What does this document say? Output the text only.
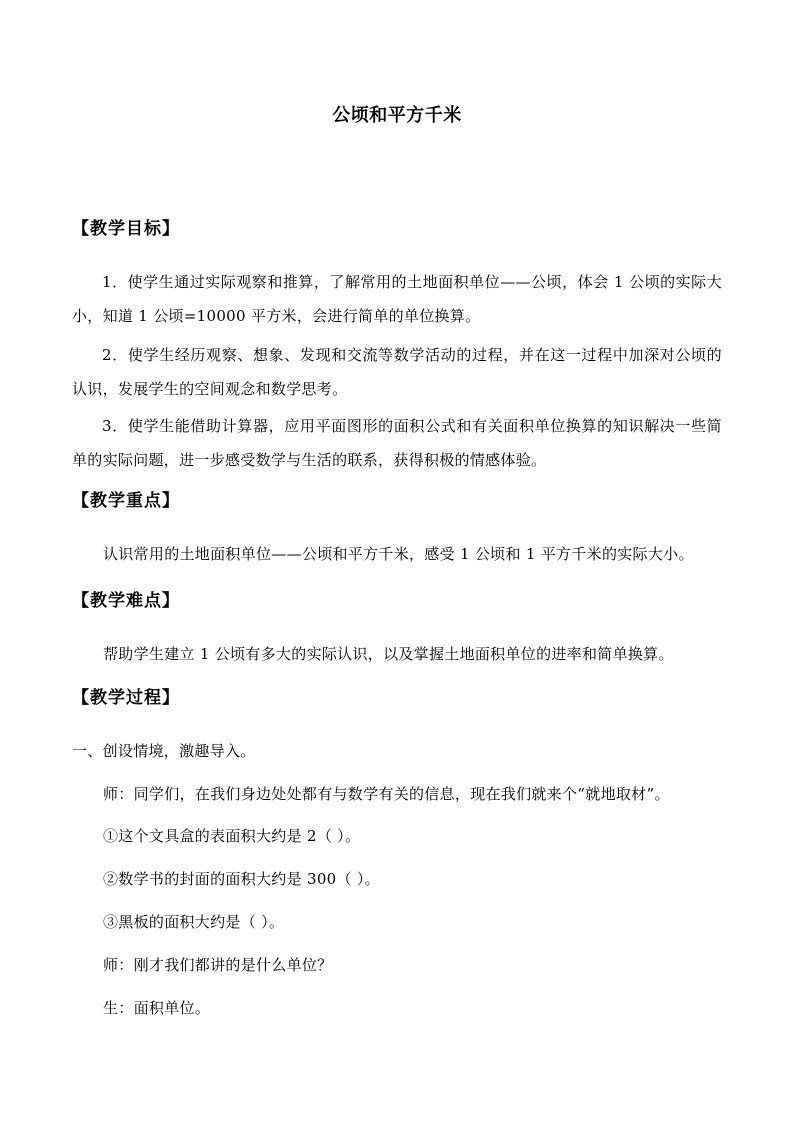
公顷和平方千米
【教学目标】
1．使学生通过实际观察和推算，了解常用的土地面积单位——公顷，体会 1 公顷的实际大小，知道 1 公顷=10000 平方米，会进行简单的单位换算。
2．使学生经历观察、想象、发现和交流等数学活动的过程，并在这一过程中加深对公顷的认识，发展学生的空间观念和数学思考。
3．使学生能借助计算器，应用平面图形的面积公式和有关面积单位换算的知识解决一些简单的实际问题，进一步感受数学与生活的联系，获得积极的情感体验。
【教学重点】
认识常用的土地面积单位——公顷和平方千米，感受 1 公顷和 1 平方千米的实际大小。
【教学难点】
帮助学生建立 1 公顷有多大的实际认识，以及掌握土地面积单位的进率和简单换算。
【教学过程】
一、创设情境，激趣导入。
师：同学们，在我们身边处处都有与数学有关的信息，现在我们就来个“就地取材”。
①这个文具盒的表面积大约是 2（ ）。
②数学书的封面的面积大约是 300（ ）。
③黑板的面积大约是（ ）。
师：刚才我们都讲的是什么单位？
生：面积单位。
